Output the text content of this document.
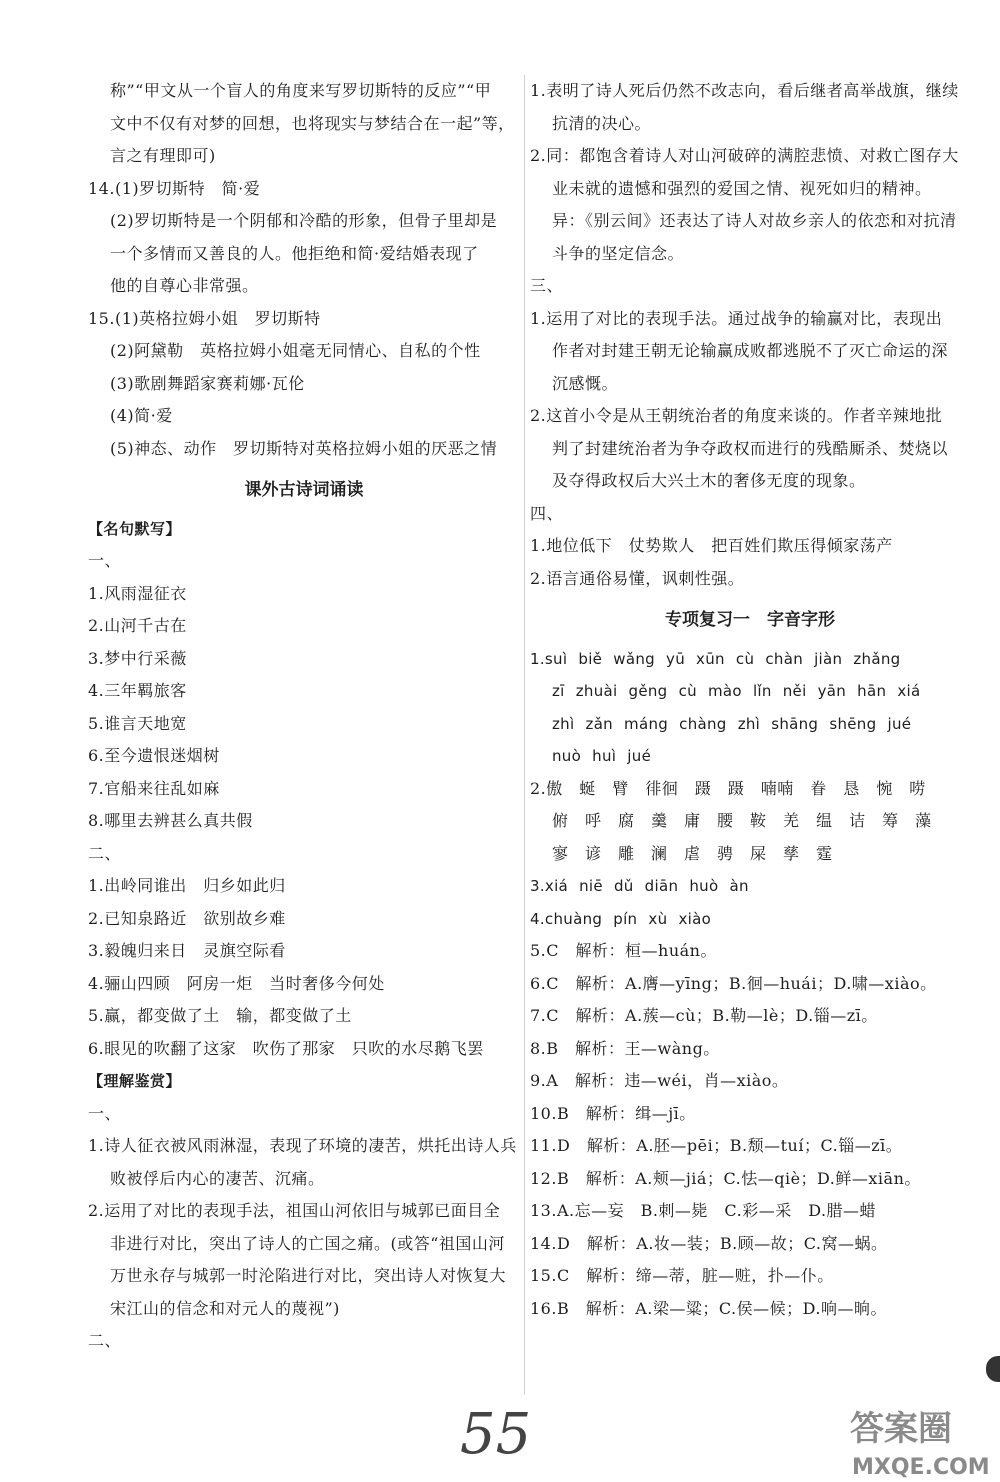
称”“甲文从一个盲人的角度来写罗切斯特的反应”“甲
文中不仅有对梦的回想，也将现实与梦结合在一起”等，
言之有理即可)
14.(1)罗切斯特　简·爱
(2)罗切斯特是一个阴郁和冷酷的形象，但骨子里却是
一个多情而又善良的人。他拒绝和简·爱结婚表现了
他的自尊心非常强。
15.(1)英格拉姆小姐　罗切斯特
(2)阿黛勒　英格拉姆小姐毫无同情心、自私的个性
(3)歌剧舞蹈家赛莉娜·瓦伦
(4)简·爱
(5)神态、动作　罗切斯特对英格拉姆小姐的厌恶之情
课外古诗词诵读
【名句默写】
一、
1.风雨湿征衣
2.山河千古在
3.梦中行采薇
4.三年羁旅客
5.谁言天地宽
6.至今遗恨迷烟树
7.官船来往乱如麻
8.哪里去辨甚么真共假
二、
1.出岭同谁出　归乡如此归
2.已知泉路近　欲别故乡难
3.毅魄归来日　灵旗空际看
4.骊山四顾　阿房一炬　当时奢侈今何处
5.赢，都变做了土　输，都变做了土
6.眼见的吹翻了这家　吹伤了那家　只吹的水尽鹅飞罢
【理解鉴赏】
一、
1.诗人征衣被风雨淋湿，表现了环境的凄苦，烘托出诗人兵
败被俘后内心的凄苦、沉痛。
2.运用了对比的表现手法，祖国山河依旧与城郭已面目全
非进行对比，突出了诗人的亡国之痛。(或答“祖国山河
万世永存与城郭一时沦陷进行对比，突出诗人对恢复大
宋江山的信念和对元人的蔑视”)
二、
1.表明了诗人死后仍然不改志向，看后继者高举战旗，继续
抗清的决心。
2.同：都饱含着诗人对山河破碎的满腔悲愤、对救亡图存大
业未就的遗憾和强烈的爱国之情、视死如归的精神。
异：《别云间》还表达了诗人对故乡亲人的依恋和对抗清
斗争的坚定信念。
三、
1.运用了对比的表现手法。通过战争的输赢对比，表现出
作者对封建王朝无论输赢成败都逃脱不了灭亡命运的深
沉感慨。
2.这首小令是从王朝统治者的角度来谈的。作者辛辣地批
判了封建统治者为争夺政权而进行的残酷厮杀、焚烧以
及夺得政权后大兴土木的奢侈无度的现象。
四、
1.地位低下　仗势欺人　把百姓们欺压得倾家荡产
2.语言通俗易懂，讽刺性强。
专项复习一　字音字形
1.suì biě wǎng yū xūn cù chàn jiàn zhǎng
zī zhuài gěng cù mào lǐn něi yān hān xiá
zhì zǎn máng chàng zhì shāng shēng jué
nuò huì jué
2.傲　蜒　臂　徘徊　蹑　蹑　喃喃　眷　恳　惋　唠
俯　呼　腐　羹　庸　腰　鞍　羌　缊　诘　筹　藻
寥　谚　雕　澜　虐　骋　屎　孳　霆
3.xiá niē dǔ diān huò àn
4.chuàng pín xù xiào
5.C　解析：桓—huán。
6.C　解析：A.膺—yīng；B.徊—huái；D.啸—xiào。
7.C　解析：A.蔟—cù；B.勒—lè；D.锱—zī。
8.B　解析：王—wàng。
9.A　解析：违—wéi，肖—xiào。
10.B　解析：缉—jī。
11.D　解析：A.胚—pēi；B.颓—tuí；C.锱—zī。
12.B　解析：A.颊—jiá；C.怯—qiè；D.鲜—xiān。
13.A.忘—妄　B.刺—毙　C.彩—采　D.腊—蜡
14.D　解析：A.妆—装；B.顾—故；C.窝—蜗。
15.C　解析：缔—蒂，脏—赃，扑—仆。
16.B　解析：A.梁—粱；C.侯—候；D.响—晌。
55	答案圈
MXQE.COM
